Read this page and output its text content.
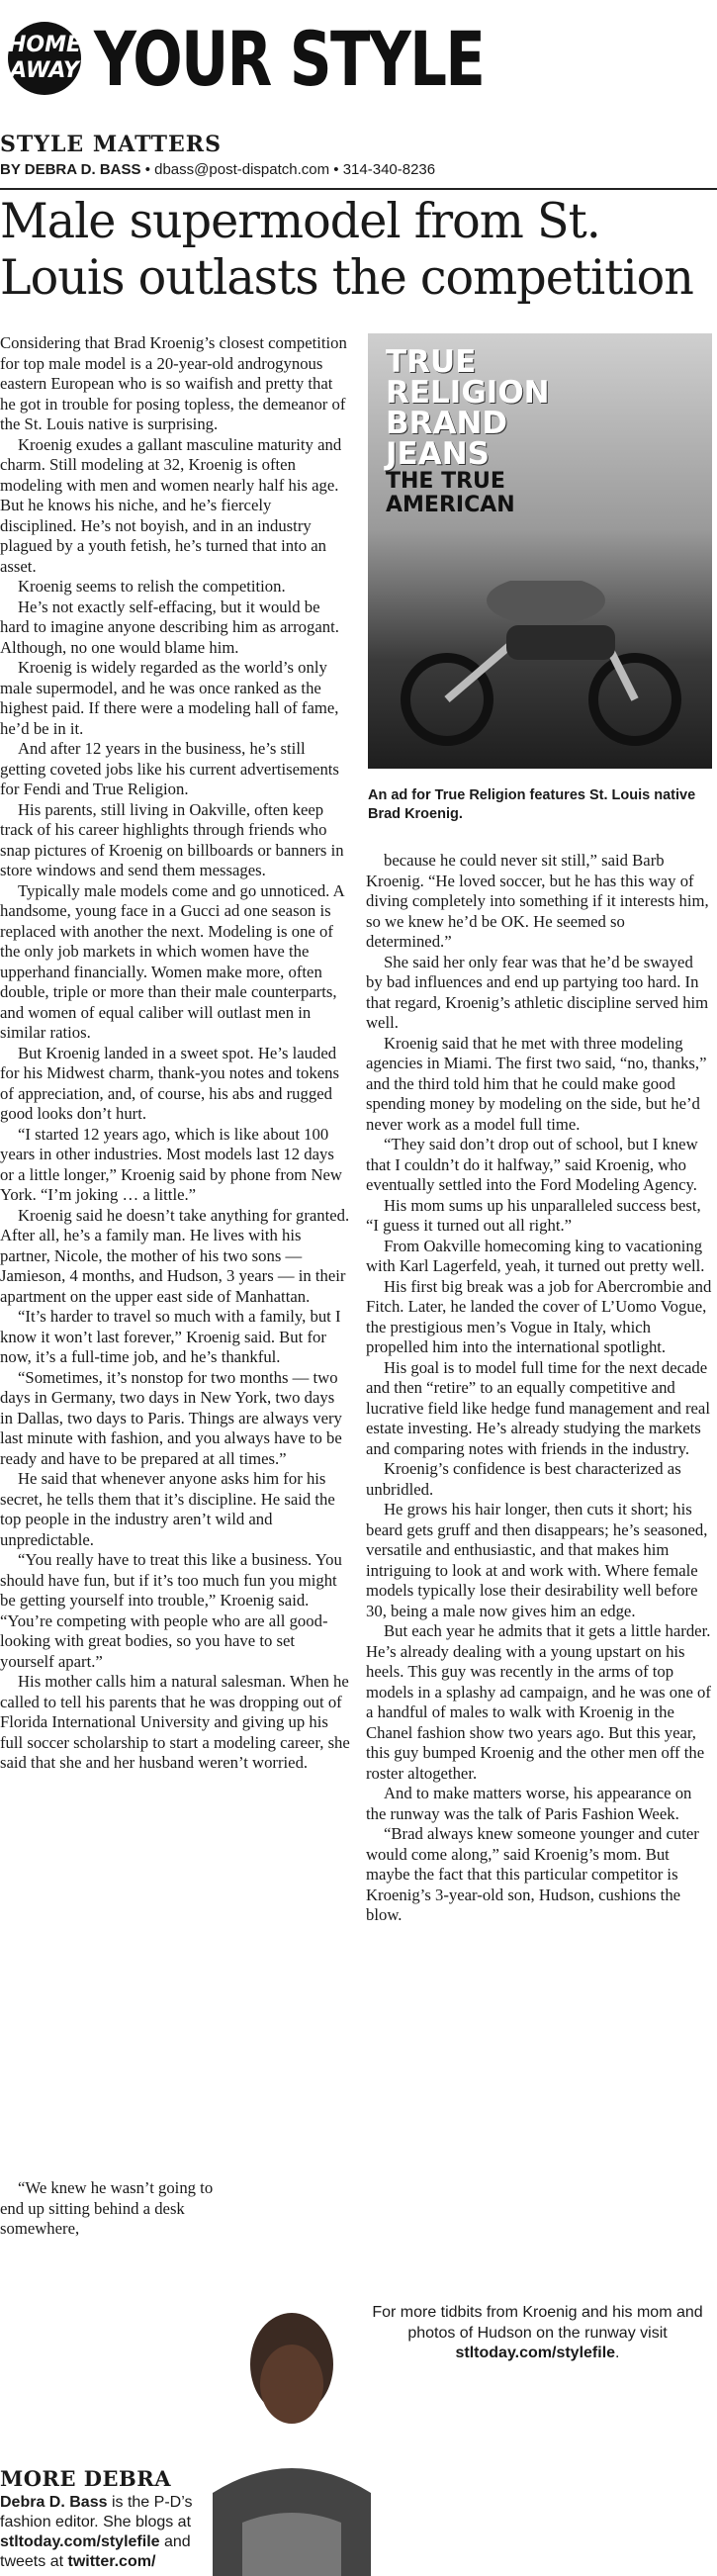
HOME
AWAY YOUR STYLE
STYLE MATTERS
BY DEBRA D. BASS • dbass@post-dispatch.com • 314-340-8236
Male supermodel from St. Louis outlasts the competition

Considering that Brad Kroenig’s closest competition for top male model is a 20-year-old androgynous eastern European who is so waifish and pretty that he got in trouble for posing topless, the demeanor of the St. Louis native is surprising.

Kroenig exudes a gallant masculine maturity and charm. Still modeling at 32, Kroenig is often modeling with men and women nearly half his age. But he knows his niche, and he’s fiercely disciplined. He’s not boyish, and in an industry plagued by a youth fetish, he’s turned that into an asset.

Kroenig seems to relish the competition.

He’s not exactly self-effacing, but it would be hard to imagine anyone describing him as arrogant. Although, no one would blame him.

Kroenig is widely regarded as the world’s only male supermodel, and he was once ranked as the highest paid. If there were a modeling hall of fame, he’d be in it.

And after 12 years in the business, he’s still getting coveted jobs like his current advertisements for Fendi and True Religion.

His parents, still living in Oakville, often keep track of his career highlights through friends who snap pictures of Kroenig on billboards or banners in store windows and send them messages.

Typically male models come and go unnoticed. A handsome, young face in a Gucci ad one season is replaced with another the next. Modeling is one of the only job markets in which women have the upperhand financially. Women make more, often double, triple or more than their male counterparts, and women of equal caliber will outlast men in similar ratios.

But Kroenig landed in a sweet spot. He’s lauded for his Midwest charm, thank-you notes and tokens of appreciation, and, of course, his abs and rugged good looks don’t hurt.

“I started 12 years ago, which is like about 100 years in other industries. Most models last 12 days or a little longer,” Kroenig said by phone from New York. “I’m joking … a little.”

Kroenig said he doesn’t take anything for granted. After all, he’s a family man. He lives with his partner, Nicole, the mother of his two sons — Jamieson, 4 months, and Hudson, 3 years — in their apartment on the upper east side of Manhattan.

“It’s harder to travel so much with a family, but I know it won’t last forever,” Kroenig said. But for now, it’s a full-time job, and he’s thankful.

“Sometimes, it’s nonstop for two months — two days in Germany, two days in New York, two days in Dallas, two days to Paris. Things are always very last minute with fashion, and you always have to be ready and have to be prepared at all times.”

He said that whenever anyone asks him for his secret, he tells them that it’s discipline. He said the top people in the industry aren’t wild and unpredictable.

“You really have to treat this like a business. You should have fun, but if it’s too much fun you might be getting yourself into trouble,” Kroenig said. “You’re competing with people who are all good-looking with great bodies, so you have to set yourself apart.”

His mother calls him a natural salesman. When he called to tell his parents that he was dropping out of Florida International University and giving up his full soccer scholarship to start a modeling career, she said that she and her husband weren’t worried.

TRUE
RELIGION
BRAND
JEANS
THE TRUE
AMERICAN
An ad for True Religion features St. Louis native Brad Kroenig.

because he could never sit still,” said Barb Kroenig. “He loved soccer, but he has this way of diving completely into something if it interests him, so we knew he’d be OK. He seemed so determined.”

She said her only fear was that he’d be swayed by bad influences and end up partying too hard. In that regard, Kroenig’s athletic discipline served him well.

Kroenig said that he met with three modeling agencies in Miami. The first two said, “no, thanks,” and the third told him that he could make good spending money by modeling on the side, but he’d never work as a model full time.

“They said don’t drop out of school, but I knew that I couldn’t do it halfway,” said Kroenig, who eventually settled into the Ford Modeling Agency.

His mom sums up his unparalleled success best, “I guess it turned out all right.”

From Oakville homecoming king to vacationing with Karl Lagerfeld, yeah, it turned out pretty well.

His first big break was a job for Abercrombie and Fitch. Later, he landed the cover of L’Uomo Vogue, the prestigious men’s Vogue in Italy, which propelled him into the international spotlight.

His goal is to model full time for the next decade and then “retire” to an equally competitive and lucrative field like hedge fund management and real estate investing. He’s already studying the markets and comparing notes with friends in the industry.

Kroenig’s confidence is best characterized as unbridled.

He grows his hair longer, then cuts it short; his beard gets gruff and then disappears; he’s seasoned, versatile and enthusiastic, and that makes him intriguing to look at and work with. Where female models typically lose their desirability well before 30, being a male now gives him an edge.

But each year he admits that it gets a little harder. He’s already dealing with a young upstart on his heels. This guy was recently in the arms of top models in a splashy ad campaign, and he was one of a handful of males to walk with Kroenig in the Chanel fashion show two years ago. But this year, this guy bumped Kroenig and the other men off the roster altogether.

And to make matters worse, his appearance on the runway was the talk of Paris Fashion Week.

“Brad always knew someone younger and cuter would come along,” said Kroenig’s mom. But maybe the fact that this particular competitor is Kroenig’s 3-year-old son, Hudson, cushions the blow.

“We knew he wasn’t going to end up sitting behind a desk somewhere,

For more tidbits from Kroenig and his mom and photos of Hudson on the runway visit
stltoday.com/stylefile.
MORE DEBRA
Debra D. Bass is the P-D’s fashion editor. She blogs at stltoday.com/stylefile and tweets at twitter.com/
